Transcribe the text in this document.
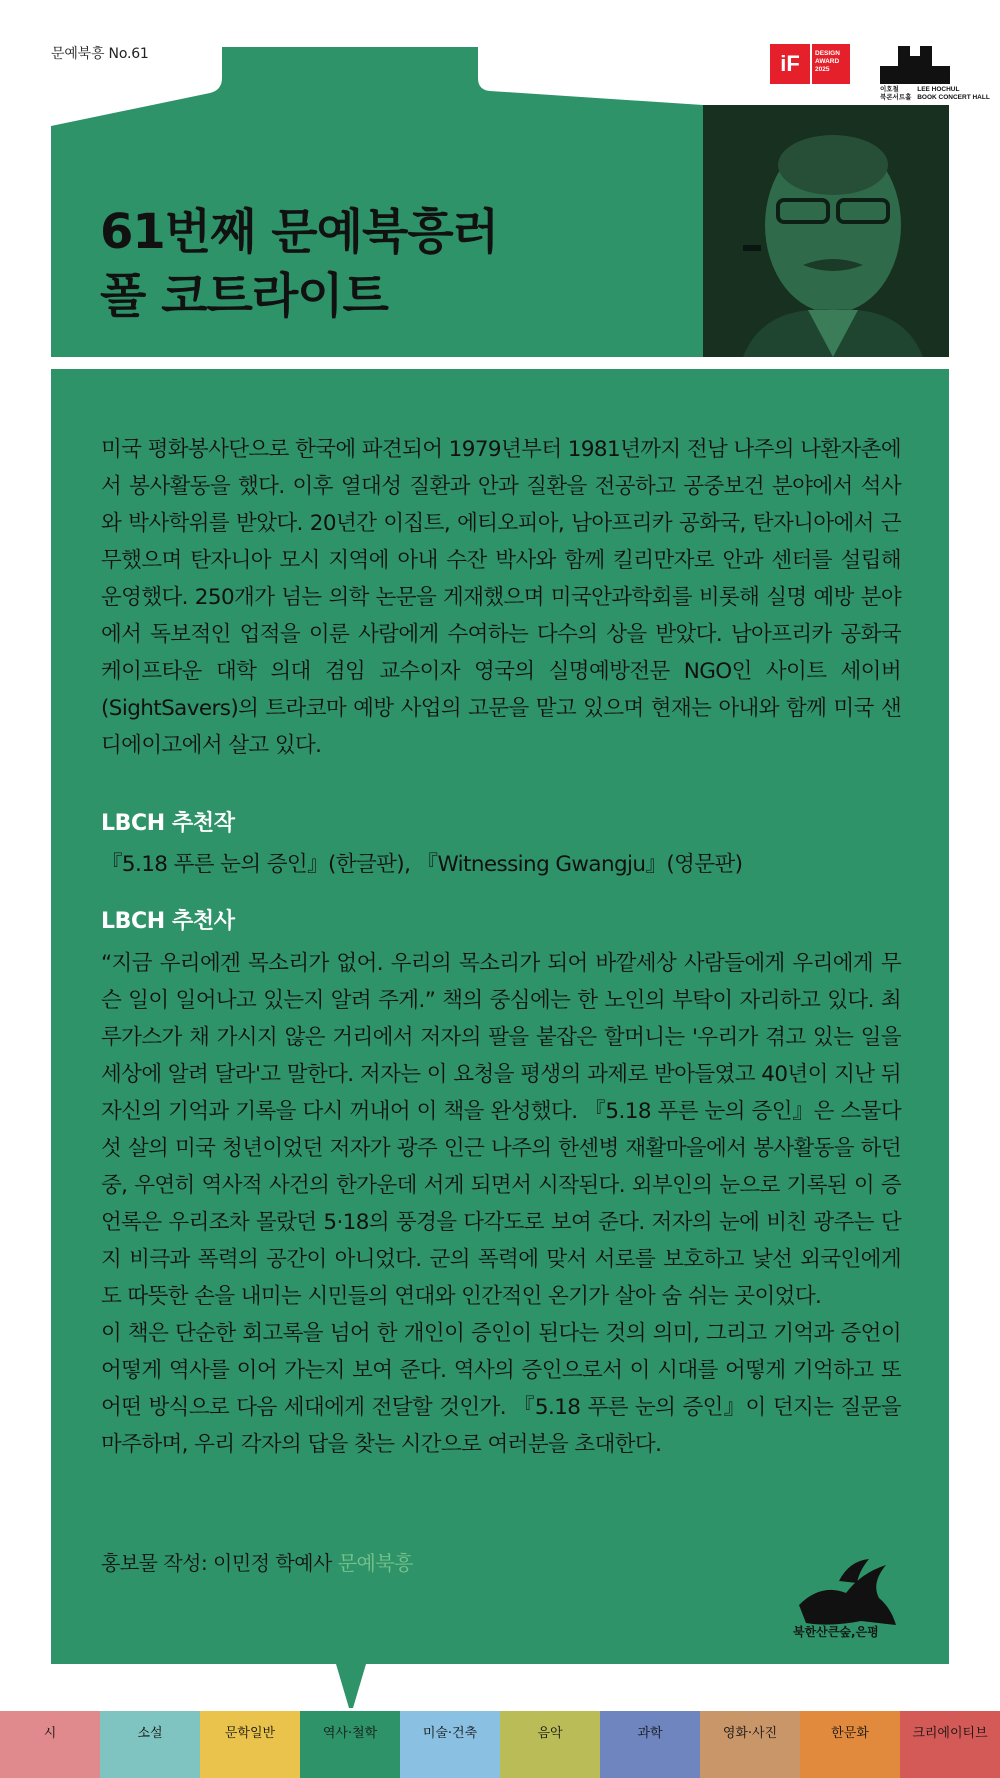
문예북흥 No.61	iF	DESIGN
AWARD
2025
이호철
북콘서트홀 LEE HOCHUL
BOOK CONCERT HALL
61번째 문예북흥러
폴 코트라이트

미국 평화봉사단으로 한국에 파견되어 1979년부터 1981년까지 전남 나주의 나환자촌에서 봉사활동을 했다. 이후 열대성 질환과 안과 질환을 전공하고 공중보건 분야에서 석사와 박사학위를 받았다. 20년간 이집트, 에티오피아, 남아프리카 공화국, 탄자니아에서 근무했으며 탄자니아 모시 지역에 아내 수잔 박사와 함께 킬리만자로 안과 센터를 설립해 운영했다. 250개가 넘는 의학 논문을 게재했으며 미국안과학회를 비롯해 실명 예방 분야에서 독보적인 업적을 이룬 사람에게 수여하는 다수의 상을 받았다. 남아프리카 공화국 케이프타운 대학 의대 겸임 교수이자 영국의 실명예방전문 NGO인 사이트 세이버(SightSavers)의 트라코마 예방 사업의 고문을 맡고 있으며 현재는 아내와 함께 미국 샌디에이고에서 살고 있다.

LBCH 추천작
『5.18 푸른 눈의 증인』(한글판), 『Witnessing Gwangju』(영문판)
LBCH 추천사
“지금 우리에겐 목소리가 없어. 우리의 목소리가 되어 바깥세상 사람들에게 우리에게 무슨 일이 일어나고 있는지 알려 주게.” 책의 중심에는 한 노인의 부탁이 자리하고 있다. 최루가스가 채 가시지 않은 거리에서 저자의 팔을 붙잡은 할머니는 '우리가 겪고 있는 일을 세상에 알려 달라'고 말한다. 저자는 이 요청을 평생의 과제로 받아들였고 40년이 지난 뒤 자신의 기억과 기록을 다시 꺼내어 이 책을 완성했다. 『5.18 푸른 눈의 증인』은 스물다섯 살의 미국 청년이었던 저자가 광주 인근 나주의 한센병 재활마을에서 봉사활동을 하던 중, 우연히 역사적 사건의 한가운데 서게 되면서 시작된다. 외부인의 눈으로 기록된 이 증언록은 우리조차 몰랐던 5·18의 풍경을 다각도로 보여 준다. 저자의 눈에 비친 광주는 단지 비극과 폭력의 공간이 아니었다. 군의 폭력에 맞서 서로를 보호하고 낯선 외국인에게도 따뜻한 손을 내미는 시민들의 연대와 인간적인 온기가 살아 숨 쉬는 곳이었다.
이 책은 단순한 회고록을 넘어 한 개인이 증인이 된다는 것의 의미, 그리고 기억과 증언이 어떻게 역사를 이어 가는지 보여 준다. 역사의 증인으로서 이 시대를 어떻게 기억하고 또 어떤 방식으로 다음 세대에게 전달할 것인가. 『5.18 푸른 눈의 증인』이 던지는 질문을 마주하며, 우리 각자의 답을 찾는 시간으로 여러분을 초대한다.
홍보물 작성: 이민정 학예사 문예북흥
북한산큰숲,은평
시	소설	문학일반	역사·철학	미술·건축	음악	과학	영화·사진	한문화	크리에이티브
